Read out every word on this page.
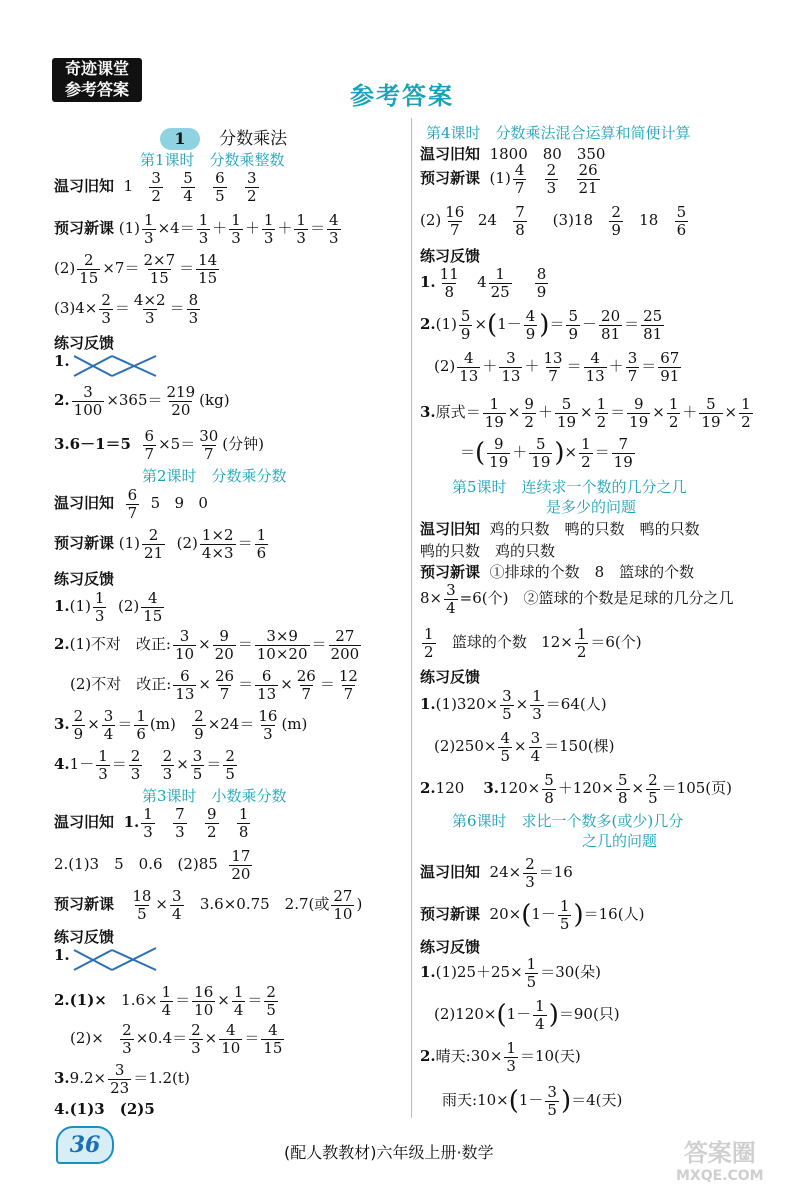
奇迹课堂
参考答案	参考答案
1 分数乘法
第1课时　分数乘整数
温习旧知  $1 \frac{3}{2}$
$\frac{5}{4}$
$\frac{6}{5}$
$\frac{3}{2}$
预习新课 $(1) \frac{1}{3} \times 4= \frac{1}{3} + \frac{1}{3} + \frac{1}{3} + \frac{1}{3} = \frac{4}{3}$
$(2) \frac{2}{15} \times 7= \frac{2\times 7}{15} = \frac{14}{15}$
$(3)4\times \frac{2}{3} = \frac{4\times 2}{3} = \frac{8}{3}$
练习反馈
1.
2. $\frac{3}{100} \times 365= \frac{219}{20} (kg)$
$3.6-1=5 \frac{6}{7} \times 5= \frac{30}{7}$ (分钟)
第2课时　分数乘分数
温习旧知 $\frac{6}{7} 5$   9   0
预习新课 $(1) \frac{2}{21} (2) \frac{1\times 2}{4\times 3} = \frac{1}{6}$
练习反馈
$1.(1) \frac{1}{3} (2) \frac{4}{15}$
2.(1)不对　改正: $\frac{3}{10} \times \frac{9}{20} = \frac{3\times 9}{10\times 20} = \frac{27}{200}$
(2)不对　改正: $\frac{6}{13} \times \frac{26}{7} = \frac{6}{13} \times \frac{26}{7} = \frac{12}{7}$
3. $\frac{2}{9} \times \frac{3}{4} = \frac{1}{6} (m) \frac{2}{9} \times 24= \frac{16}{3} (m)$
$4.1- \frac{1}{3} = \frac{2}{3}$
$\frac{2}{3} \times \frac{3}{5} = \frac{2}{5}$
第3课时　小数乘分数
温习旧知 1. $\frac{1}{3}$
$\frac{7}{3}$
$\frac{9}{2}$
$\frac{1}{8}$
2.(1)3　5　0.6　$(2)85 \frac{17}{20}$
预习新课 $\frac{18}{5} \times \frac{3}{4} 3.6\times 0.75$　2.7(或 $\frac{27}{10}$ )
练习反馈
1.
$2.(1)\times 1.6\times \frac{1}{4} = \frac{16}{10} \times \frac{1}{4} = \frac{2}{5}$
$(2)\times \frac{2}{3} \times 0.4= \frac{2}{3} \times \frac{4}{10} = \frac{4}{15}$
$3.9.2\times \frac{3}{23} =1.2(t)$
4.(1)3　(2)5
第4课时　分数乘法混合运算和简便计算
温习旧知 1800　80　350
预习新课  $(1) \frac{4}{7}$
$\frac{2}{3}$
$\frac{26}{21}$
$(2) \frac{16}{7} 24 \frac{7}{8} (3)18 \frac{2}{9} 18 \frac{5}{6}$
练习反馈
1. $\frac{11}{8} 4 \frac{1}{25}$
$\frac{8}{9}$
$2.(1) \frac{5}{9} \times(1- \frac{4}{9}$ )＝ $\frac{5}{9} - \frac{20}{81} = \frac{25}{81}$
$(2) \frac{4}{13} + \frac{3}{13} + \frac{13}{7} = \frac{4}{13} + \frac{3}{7} = \frac{67}{91}$
3.原式＝ $\frac{1}{19} \times \frac{9}{2} + \frac{5}{19} \times \frac{1}{2} = \frac{9}{19} \times \frac{1}{2} + \frac{5}{19} \times \frac{1}{2}$
＝( $\frac{9}{19} + \frac{5}{19}$ )× $\frac{1}{2} = \frac{7}{19}$
第5课时　连续求一个数的几分之几
是多少的问题
温习旧知 鸡的只数　鸭的只数　鸭的只数
鸭的只数　鸡的只数
预习新课 ①排球的个数　8　篮球的个数
$8\times \frac{3}{4} =6$(个)　②篮球的个数是足球的几分之几
$\frac{1}{2}$ 篮球的个数   $12\times \frac{1}{2} =6$(个)
练习反馈
$1.(1)320\times \frac{3}{5} \times \frac{1}{3} =64$(人)
$(2)250\times \frac{4}{5} \times \frac{3}{4} =150$(棵)
2.120    $3.120\times \frac{5}{8} +120\times \frac{5}{8} \times \frac{2}{5} =105$(页)
第6课时　求比一个数多(或少)几分
之几的问题
温习旧知  $24\times \frac{2}{3} =16$
预习新课  $20\times(1- \frac{1}{5} )=16$(人)
练习反馈
$1.(1)25+25\times \frac{1}{5} =30$(朵)
$(2)120\times(1- \frac{1}{4} )=90$(只)
2.晴天:30× $\frac{1}{3} =10$(天)
雨天:10×(1－ $\frac{3}{5} )=4$(天)
36	(配人教教材)六年级上册·数学	答案圈
MXQE.COM
